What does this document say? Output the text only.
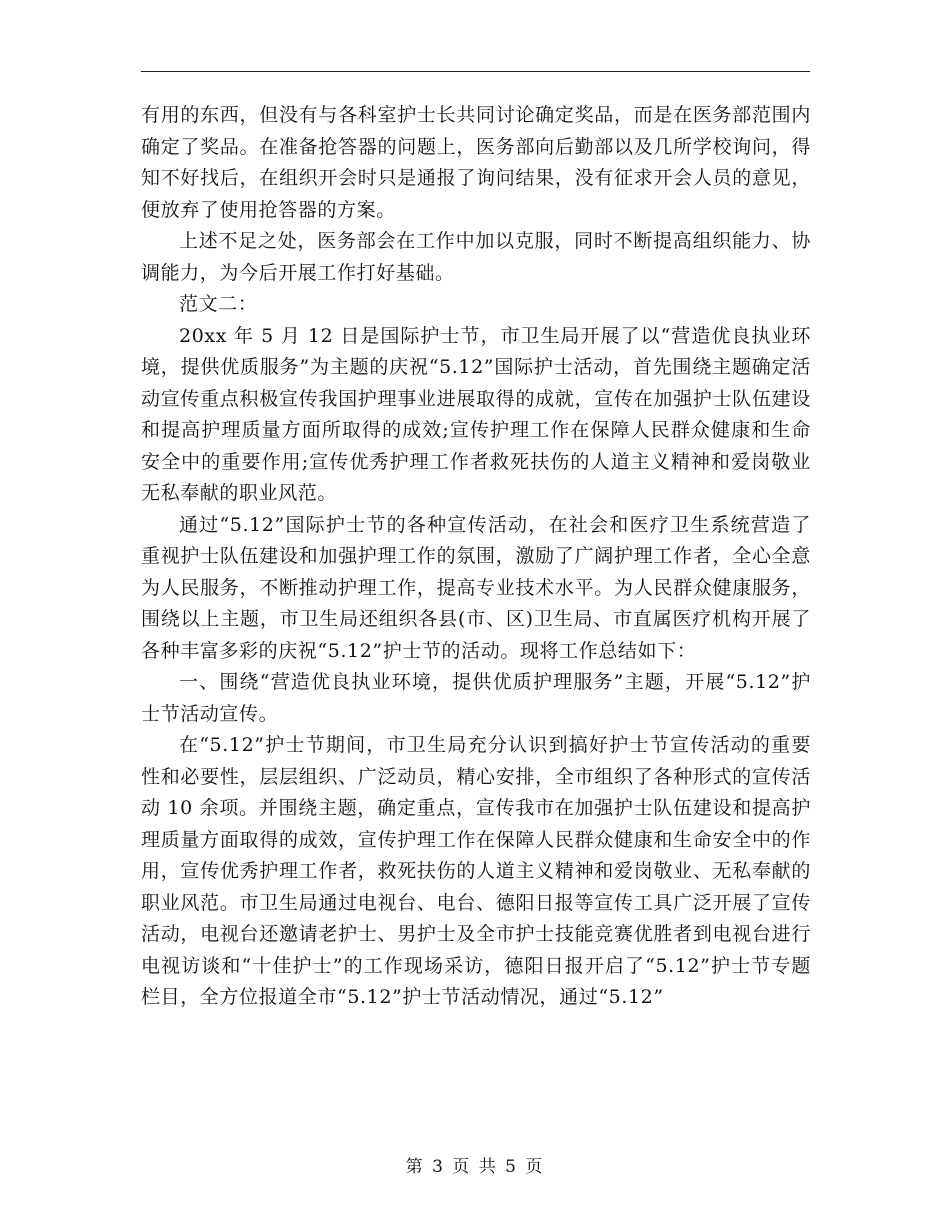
有用的东西，但没有与各科室护士长共同讨论确定奖品，而是在医务部范围内确定了奖品。在准备抢答器的问题上，医务部向后勤部以及几所学校询问，得知不好找后，在组织开会时只是通报了询问结果，没有征求开会人员的意见，便放弃了使用抢答器的方案。

上述不足之处，医务部会在工作中加以克服，同时不断提高组织能力、协调能力，为今后开展工作打好基础。

范文二：

20xx 年 5 月 12 日是国际护士节，市卫生局开展了以“营造优良执业环境，提供优质服务”为主题的庆祝“5.12”国际护士活动，首先围绕主题确定活动宣传重点积极宣传我国护理事业进展取得的成就，宣传在加强护士队伍建设和提高护理质量方面所取得的成效;宣传护理工作在保障人民群众健康和生命安全中的重要作用;宣传优秀护理工作者救死扶伤的人道主义精神和爱岗敬业无私奉献的职业风范。

通过“5.12”国际护士节的各种宣传活动，在社会和医疗卫生系统营造了重视护士队伍建设和加强护理工作的氛围，激励了广阔护理工作者，全心全意为人民服务，不断推动护理工作，提高专业技术水平。为人民群众健康服务，围绕以上主题，市卫生局还组织各县(市、区)卫生局、市直属医疗机构开展了各种丰富多彩的庆祝“5.12”护士节的活动。现将工作总结如下：

一、围绕“营造优良执业环境，提供优质护理服务”主题，开展“5.12”护士节活动宣传。

在“5.12”护士节期间，市卫生局充分认识到搞好护士节宣传活动的重要性和必要性，层层组织、广泛动员，精心安排，全市组织了各种形式的宣传活动 10 余项。并围绕主题，确定重点，宣传我市在加强护士队伍建设和提高护理质量方面取得的成效，宣传护理工作在保障人民群众健康和生命安全中的作用，宣传优秀护理工作者，救死扶伤的人道主义精神和爱岗敬业、无私奉献的职业风范。市卫生局通过电视台、电台、德阳日报等宣传工具广泛开展了宣传活动，电视台还邀请老护士、男护士及全市护士技能竞赛优胜者到电视台进行电视访谈和“十佳护士”的工作现场采访，德阳日报开启了“5.12”护士节专题栏目，全方位报道全市“5.12”护士节活动情况，通过“5.12”

第 3 页 共 5 页
